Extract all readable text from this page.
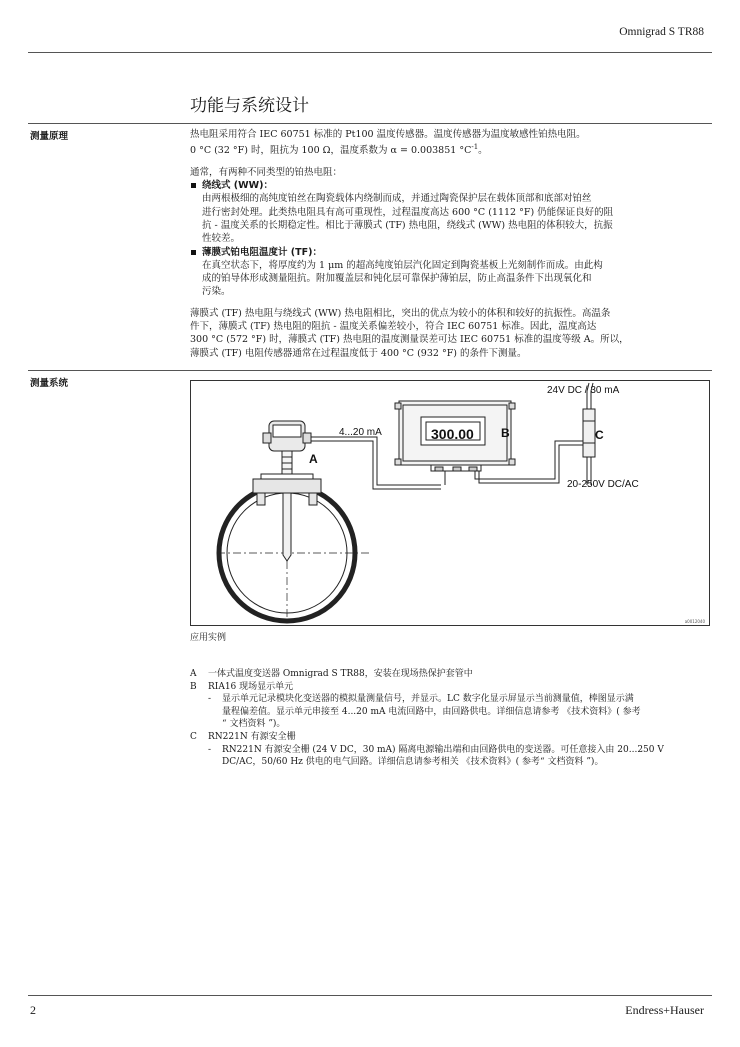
Omnigrad S TR88
功能与系统设计
测量原理	热电阻采用符合 IEC 60751 标准的 Pt100 温度传感器。温度传感器为温度敏感性铂热电阻。

0 °C (32 °F) 时，阻抗为 100 Ω，温度系数为 α = 0.003851 $^\circ C^{-1}$。

通常，有两种不同类型的铂热电阻：

绕线式 (WW)：

由两根极细的高纯度铂丝在陶瓷载体内绕制而成，并通过陶瓷保护层在载体顶部和底部对铂丝

进行密封处理。此类热电阻具有高可重现性，过程温度高达 600 °C (1112 °F) 仍能保证良好的阻

抗 - 温度关系的长期稳定性。相比于薄膜式 (TF) 热电阻，绕线式 (WW) 热电阻的体积较大，抗振

性较差。

薄膜式铂电阻温度计 (TF)：

在真空状态下，将厚度约为 1 μm 的超高纯度铂层汽化固定到陶瓷基板上光刻制作而成。由此构

成的铂导体形成测量阻抗。附加覆盖层和钝化层可靠保护薄铂层，防止高温条件下出现氧化和

污染。

薄膜式 (TF) 热电阻与绕线式 (WW) 热电阻相比，突出的优点为较小的体积和较好的抗振性。高温条

件下，薄膜式 (TF) 热电阻的阻抗 - 温度关系偏差较小，符合 IEC 60751 标准。因此，温度高达

300 °C (572 °F) 时，薄膜式 (TF) 热电阻的温度测量误差可达 IEC 60751 标准的温度等级 A。所以，

薄膜式 (TF) 电阻传感器通常在过程温度低于 400 °C (932 °F) 的条件下测量。

测量系统
300.00
4...20 mA
A
B	C
24V DC / 30 mA
20-250V DC/AC
a0012040
应用实例
A 一体式温度变送器 Omnigrad S TR88，安装在现场热保护套管中
B RIA16 现场显示单元
- 显示单元记录模块化变送器的模拟量测量信号，并显示。LC 数字化显示屏显示当前测量值，棒图显示满
量程偏差值。显示单元串接至 4...20 mA 电流回路中，由回路供电。详细信息请参考 《技术资料》( 参考
“ 文档资料 ”)。
C RN221N 有源安全栅
- RN221N 有源安全栅 (24 V DC，30 mA) 隔离电源输出端和由回路供电的变送器。可任意接入由 20...250 V
DC/AC，50/60 Hz 供电的电气回路。详细信息请参考相关 《技术资料》( 参考“ 文档资料 ”)。
2	Endress+Hauser
